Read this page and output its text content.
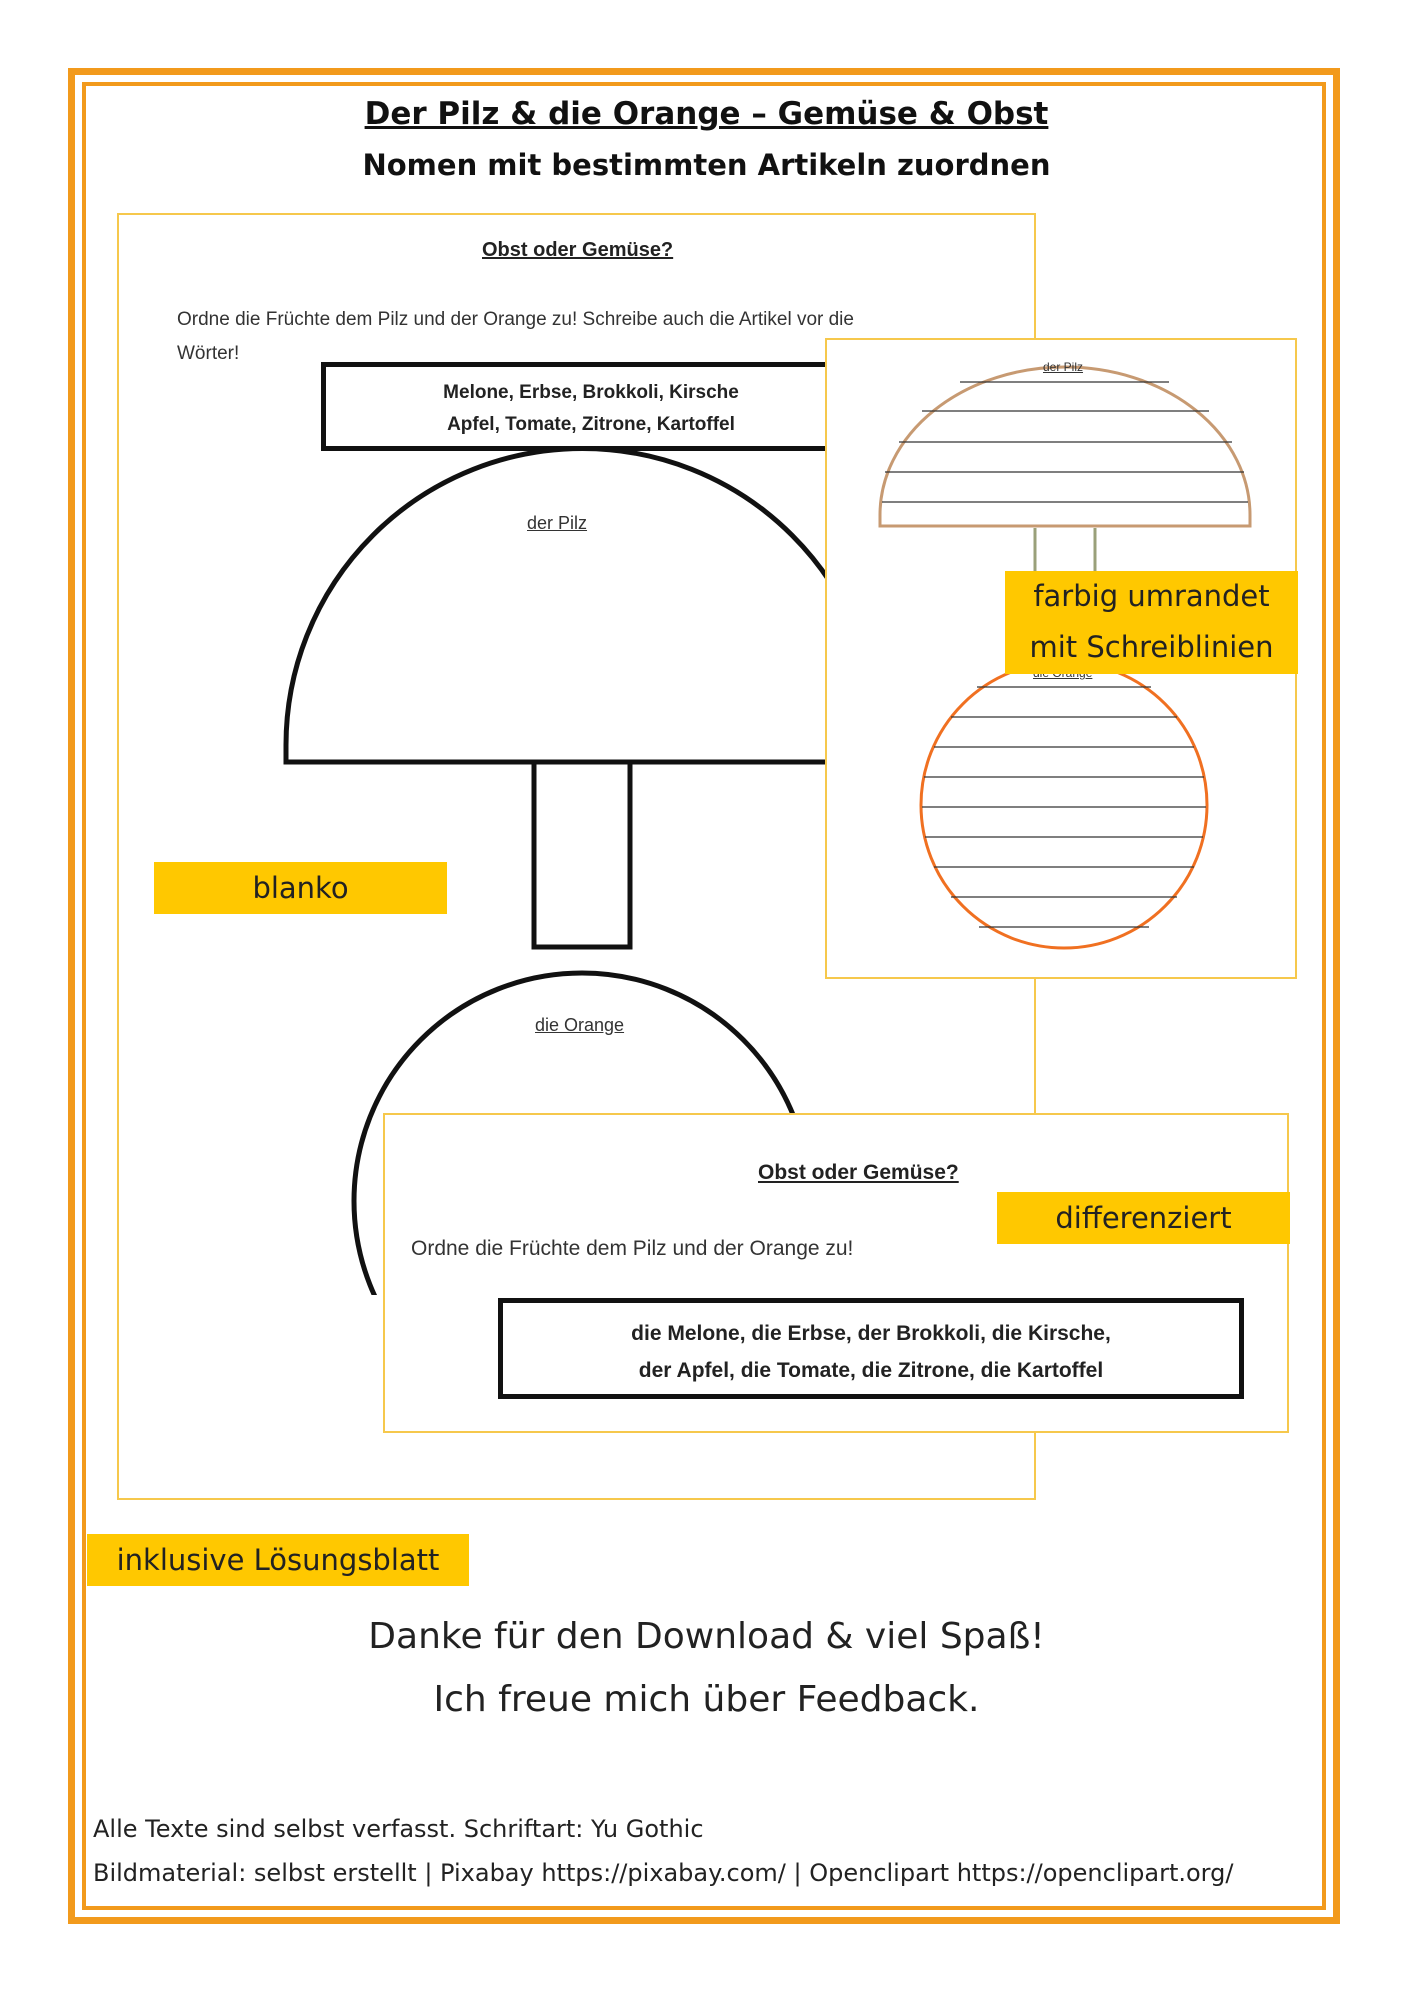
Der Pilz & die Orange – Gemüse & Obst
Nomen mit bestimmten Artikeln zuordnen
Obst oder Gemüse?
Ordne die Früchte dem Pilz und der Orange zu! Schreibe auch die Artikel vor die
Wörter!
Melone, Erbse, Brokkoli, Kirsche
Apfel, Tomate, Zitrone, Kartoffel
der Pilz
die Orange
der Pilz
Obst oder Gemüse?
Ordne die Früchte dem Pilz und der Orange zu!
die Melone, die Erbse, der Brokkoli, die Kirsche,
der Apfel, die Tomate, die Zitrone, die Kartoffel
blanko
farbig umrandet
mit Schreiblinien
differenziert
inklusive Lösungsblatt
Danke für den Download & viel Spaß!
Ich freue mich über Feedback.
Alle Texte sind selbst verfasst. Schriftart: Yu Gothic
Bildmaterial: selbst erstellt | Pixabay https://pixabay.com/ | Openclipart https://openclipart.org/
